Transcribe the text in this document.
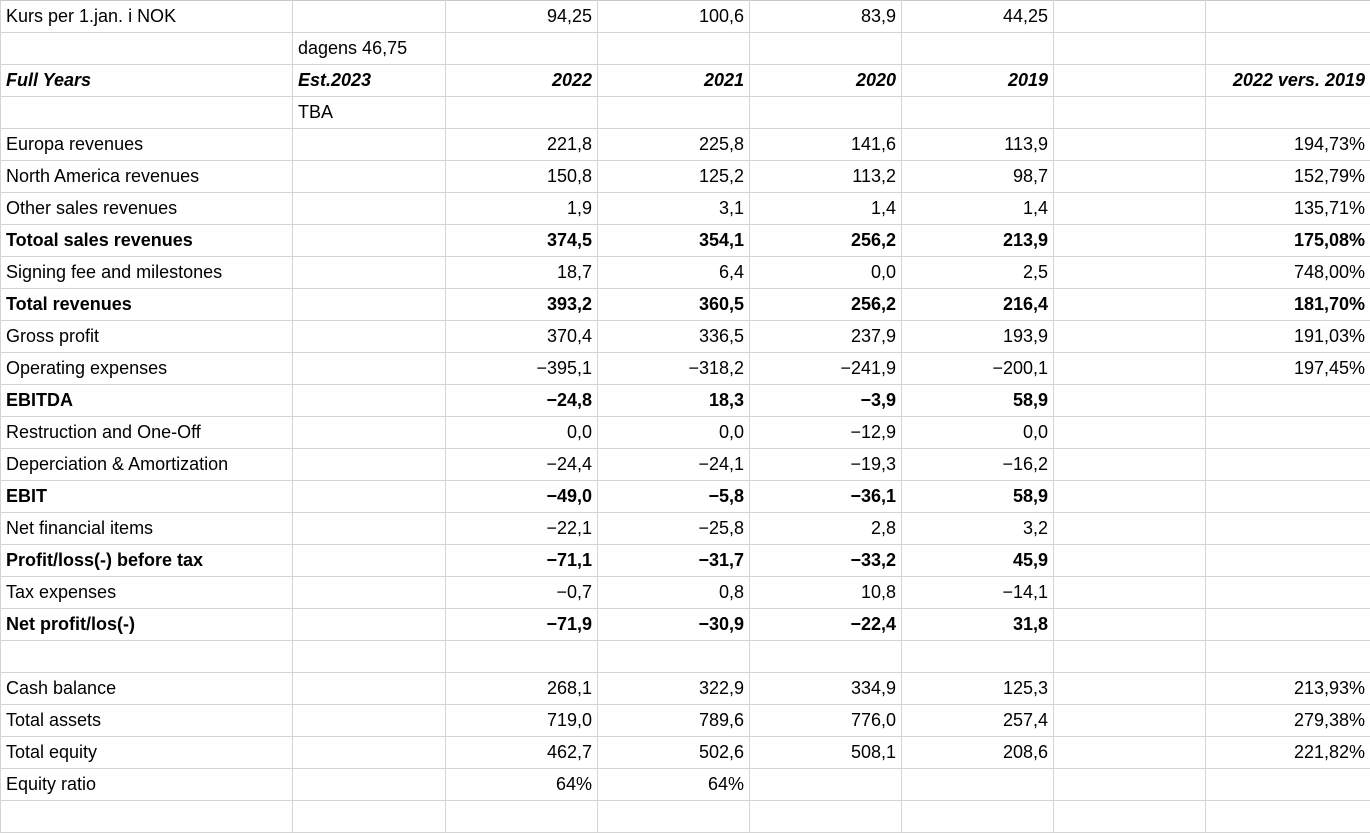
Kurs per 1.jan. i NOK		94,25	100,6	83,9	44,25		
	dagens 46,75						
Full Years	Est.2023	2022	2021	2020	2019		2022 vers. 2019
	TBA						
Europa revenues		221,8	225,8	141,6	113,9		194,73%
North America revenues		150,8	125,2	113,2	98,7		152,79%
Other sales revenues		1,9	3,1	1,4	1,4		135,71%
Totoal sales revenues		374,5	354,1	256,2	213,9		175,08%
Signing fee and milestones		18,7	6,4	0,0	2,5		748,00%
Total revenues		393,2	360,5	256,2	216,4		181,70%
Gross profit		370,4	336,5	237,9	193,9		191,03%
Operating expenses		−395,1	−318,2	−241,9	−200,1		197,45%
EBITDA		−24,8	18,3	−3,9	58,9		
Restruction and One-Off		0,0	0,0	−12,9	0,0		
Deperciation & Amortization		−24,4	−24,1	−19,3	−16,2		
EBIT		−49,0	−5,8	−36,1	58,9		
Net financial items		−22,1	−25,8	2,8	3,2		
Profit/loss(-) before tax		−71,1	−31,7	−33,2	45,9		
Tax expenses		−0,7	0,8	10,8	−14,1		
Net profit/los(-)		−71,9	−30,9	−22,4	31,8		

Cash balance		268,1	322,9	334,9	125,3		213,93%
Total assets		719,0	789,6	776,0	257,4		279,38%
Total equity		462,7	502,6	508,1	208,6		221,82%
Equity ratio		64%	64%				
